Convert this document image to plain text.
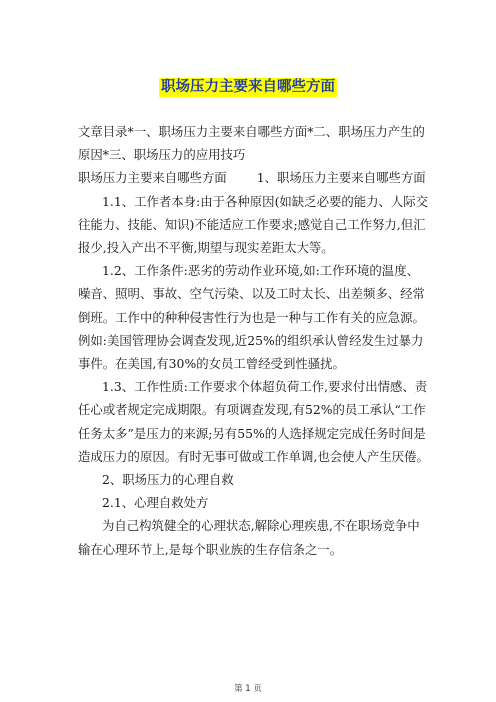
职场压力主要来自哪些方面

文章目录*一、职场压力主要来自哪些方面*二、职场压力产生的原因*三、职场压力的应用技巧

职场压力主要来自哪些方面 1、职场压力主要来自哪些方面

1.1、工作者本身:由于各种原因(如缺乏必要的能力、人际交往能力、技能、知识)不能适应工作要求;感觉自己工作努力,但汇报少,投入产出不平衡,期望与现实差距太大等。

1.2、工作条件:恶劣的劳动作业环境,如:工作环境的温度、噪音、照明、事故、空气污染、以及工时太长、出差频多、经常倒班。工作中的种种侵害性行为也是一种与工作有关的应急源。例如:美国管理协会调查发现,近25%的组织承认曾经发生过暴力事件。在美国,有30%的女员工曾经受到性骚扰。

1.3、工作性质:工作要求个体超负荷工作,要求付出情感、责任心或者规定完成期限。有项调查发现,有52%的员工承认“工作任务太多”是压力的来源;另有55%的人选择规定完成任务时间是造成压力的原因。有时无事可做或工作单调,也会使人产生厌倦。

2、职场压力的心理自救

2.1、心理自救处方

为自己构筑健全的心理状态,解除心理疾患,不在职场竞争中输在心理环节上,是每个职业族的生存信条之一。

第 1 页
